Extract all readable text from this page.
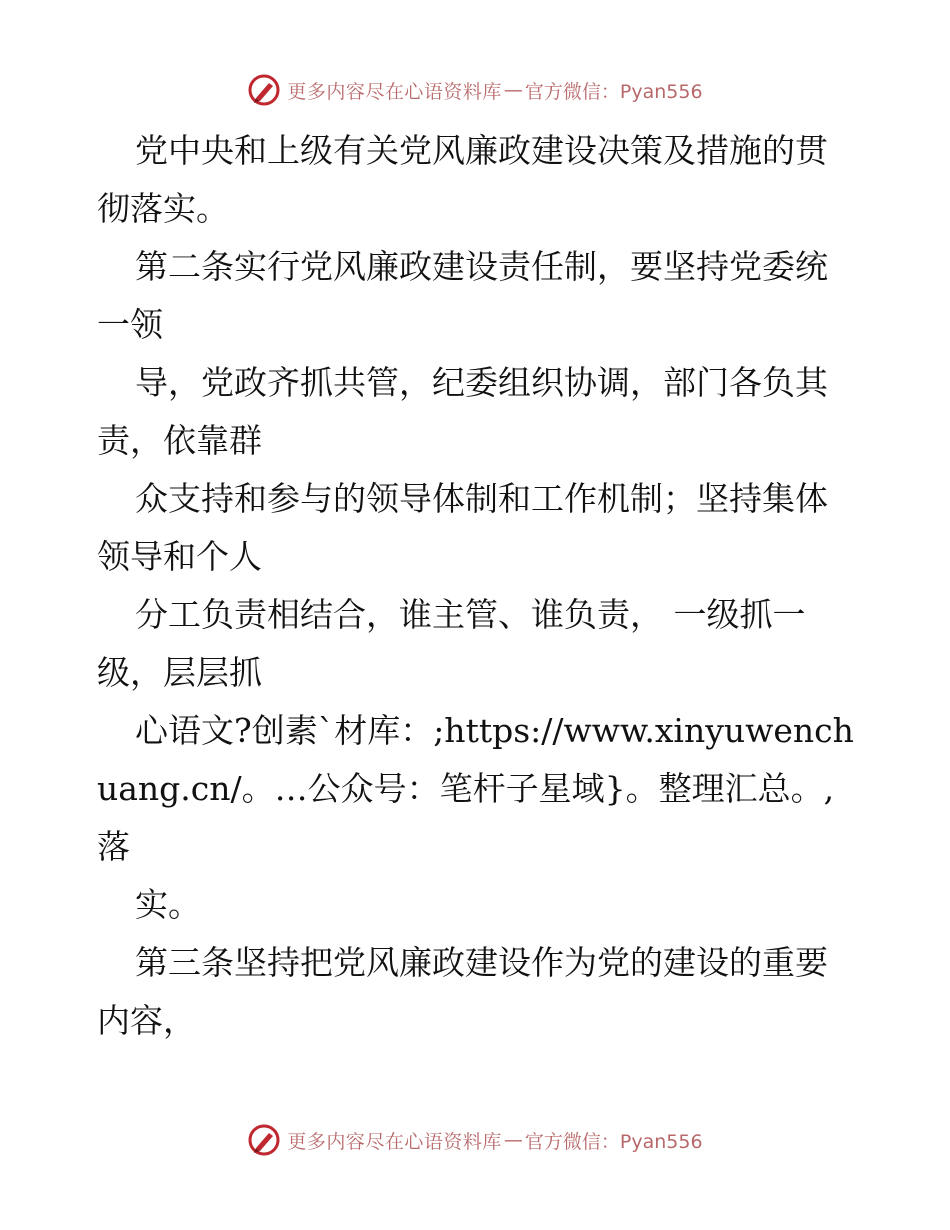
更多内容尽在心语资料库 — 官方微信：Pyan556

党中央和上级有关党风廉政建设决策及措施的贯彻落实。

第二条实行党风廉政建设责任制，要坚持党委统一领

导，党政齐抓共管，纪委组织协调，部门各负其责，依靠群

众支持和参与的领导体制和工作机制；坚持集体领导和个人

分工负责相结合，谁主管、谁负责， 一级抓一级，层层抓

心语文?创素`材库：;https://www.xinyuwenchuang.cn/。…公众号：笔杆子星域}。整理汇总。,落

实。

第三条坚持把党风廉政建设作为党的建设的重要内容，

更多内容尽在心语资料库 — 官方微信：Pyan556
